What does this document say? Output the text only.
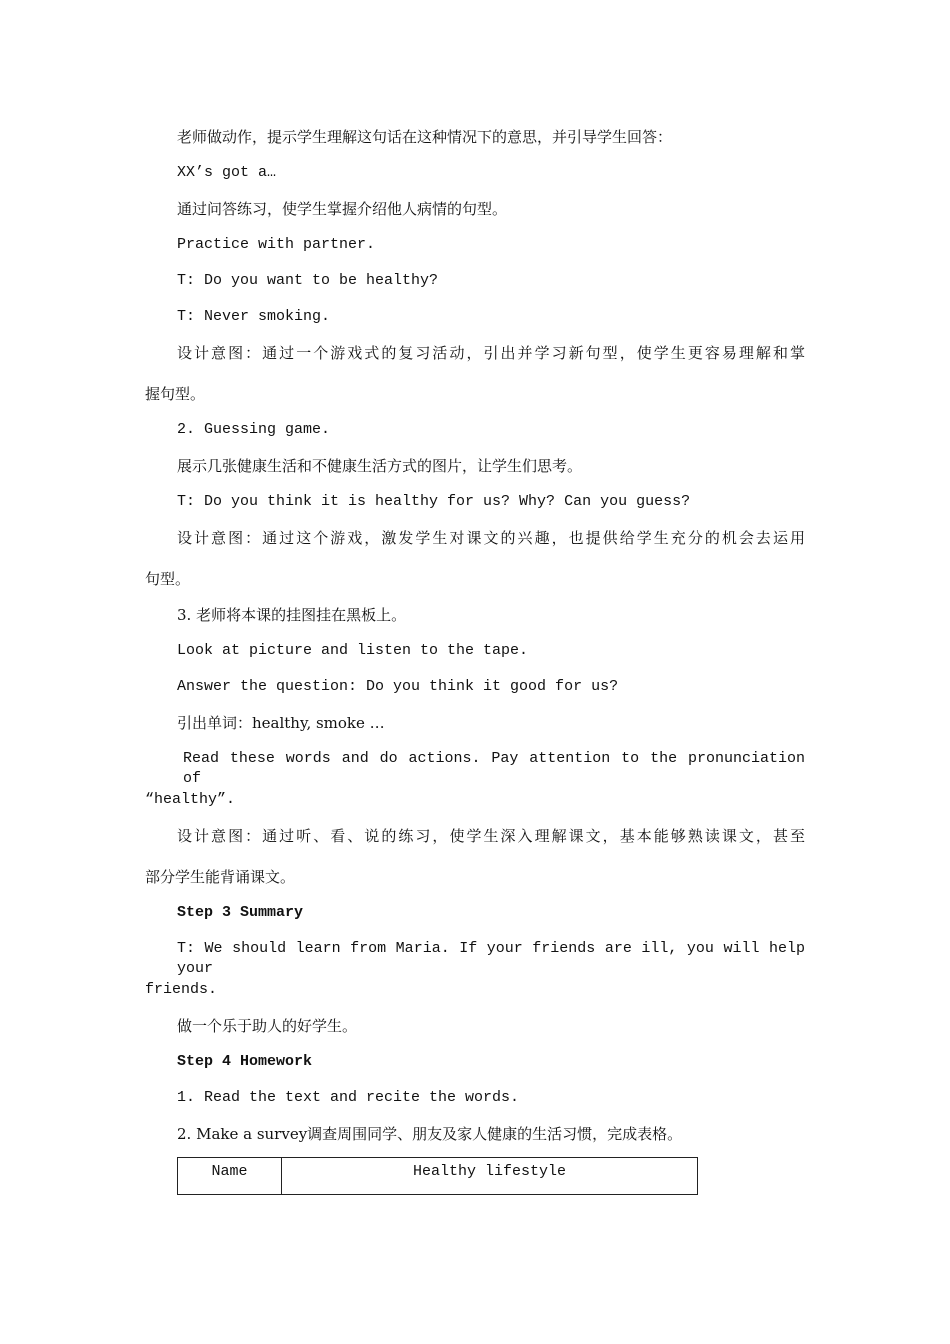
老师做动作，提示学生理解这句话在这种情况下的意思，并引导学生回答：
XX’s got a…
通过问答练习，使学生掌握介绍他人病情的句型。
Practice with partner.
T: Do you want to be healthy?
T: Never smoking.
设计意图：通过一个游戏式的复习活动，引出并学习新句型，使学生更容易理解和掌
握句型。
2. Guessing game.
展示几张健康生活和不健康生活方式的图片，让学生们思考。
T: Do you think it is healthy for us? Why? Can you guess?
设计意图：通过这个游戏，激发学生对课文的兴趣，也提供给学生充分的机会去运用
句型。
3. 老师将本课的挂图挂在黑板上。
Look at picture and listen to the tape.
Answer the question: Do you think it good for us?
引出单词：healthy, smoke …
Read these words and do actions. Pay attention to the pronunciation of
“healthy”.
设计意图：通过听、看、说的练习，使学生深入理解课文，基本能够熟读课文，甚至
部分学生能背诵课文。
Step 3 Summary
T: We should learn from Maria. If your friends are ill, you will help your
friends.
做一个乐于助人的好学生。
Step 4 Homework
1. Read the text and recite the words.
2. Make a survey调查周围同学、朋友及家人健康的生活习惯，完成表格。
Name	Healthy lifestyle
